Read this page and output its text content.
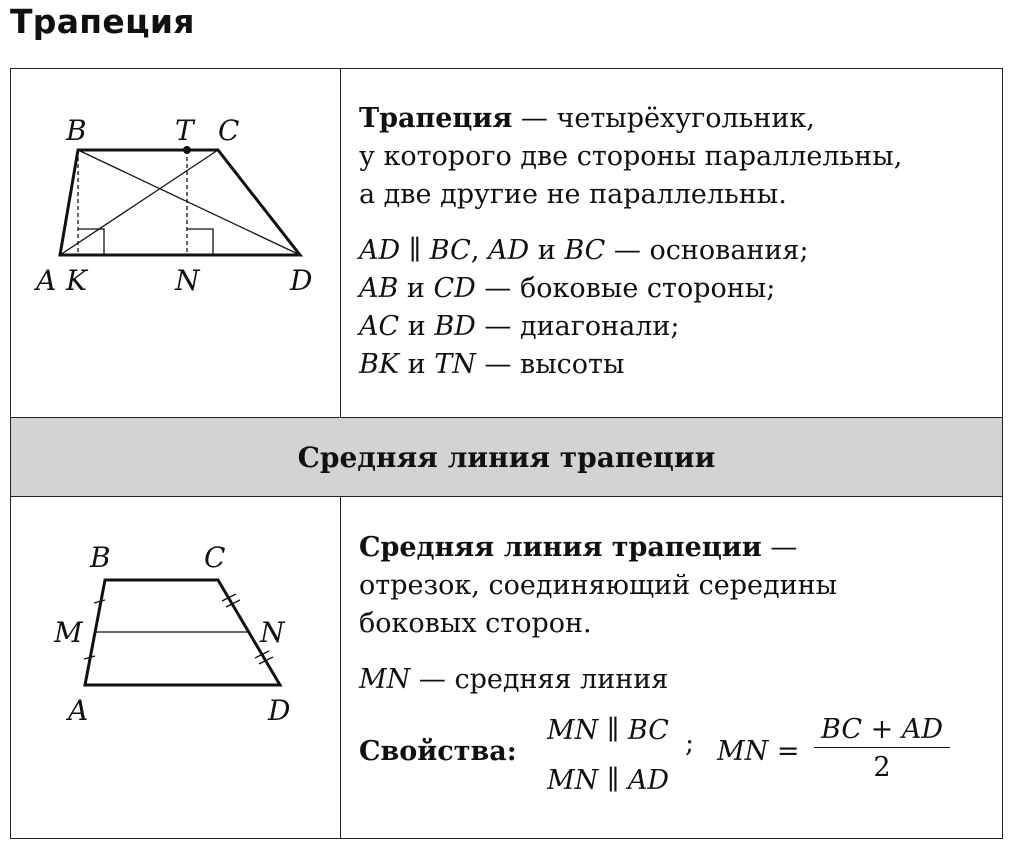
Трапеция
Средняя линия трапеции
B	T C
A K	N	D

Трапеция — четырёхугольник,

у которого две стороны параллельны,

а две другие не параллельны.

AD ∥ BC, AD и BC — основания;

AB и CD — боковые стороны;

AC и BD — диагонали;

BK и TN — высоты

B	C
M	N
A	D

Средняя линия трапеции —

отрезок, соединяющий середины

боковых сторон.

MN — средняя линия

Свойства:
MN ∥ BC
MN ∥ AD
; MN =
BC + AD
2
